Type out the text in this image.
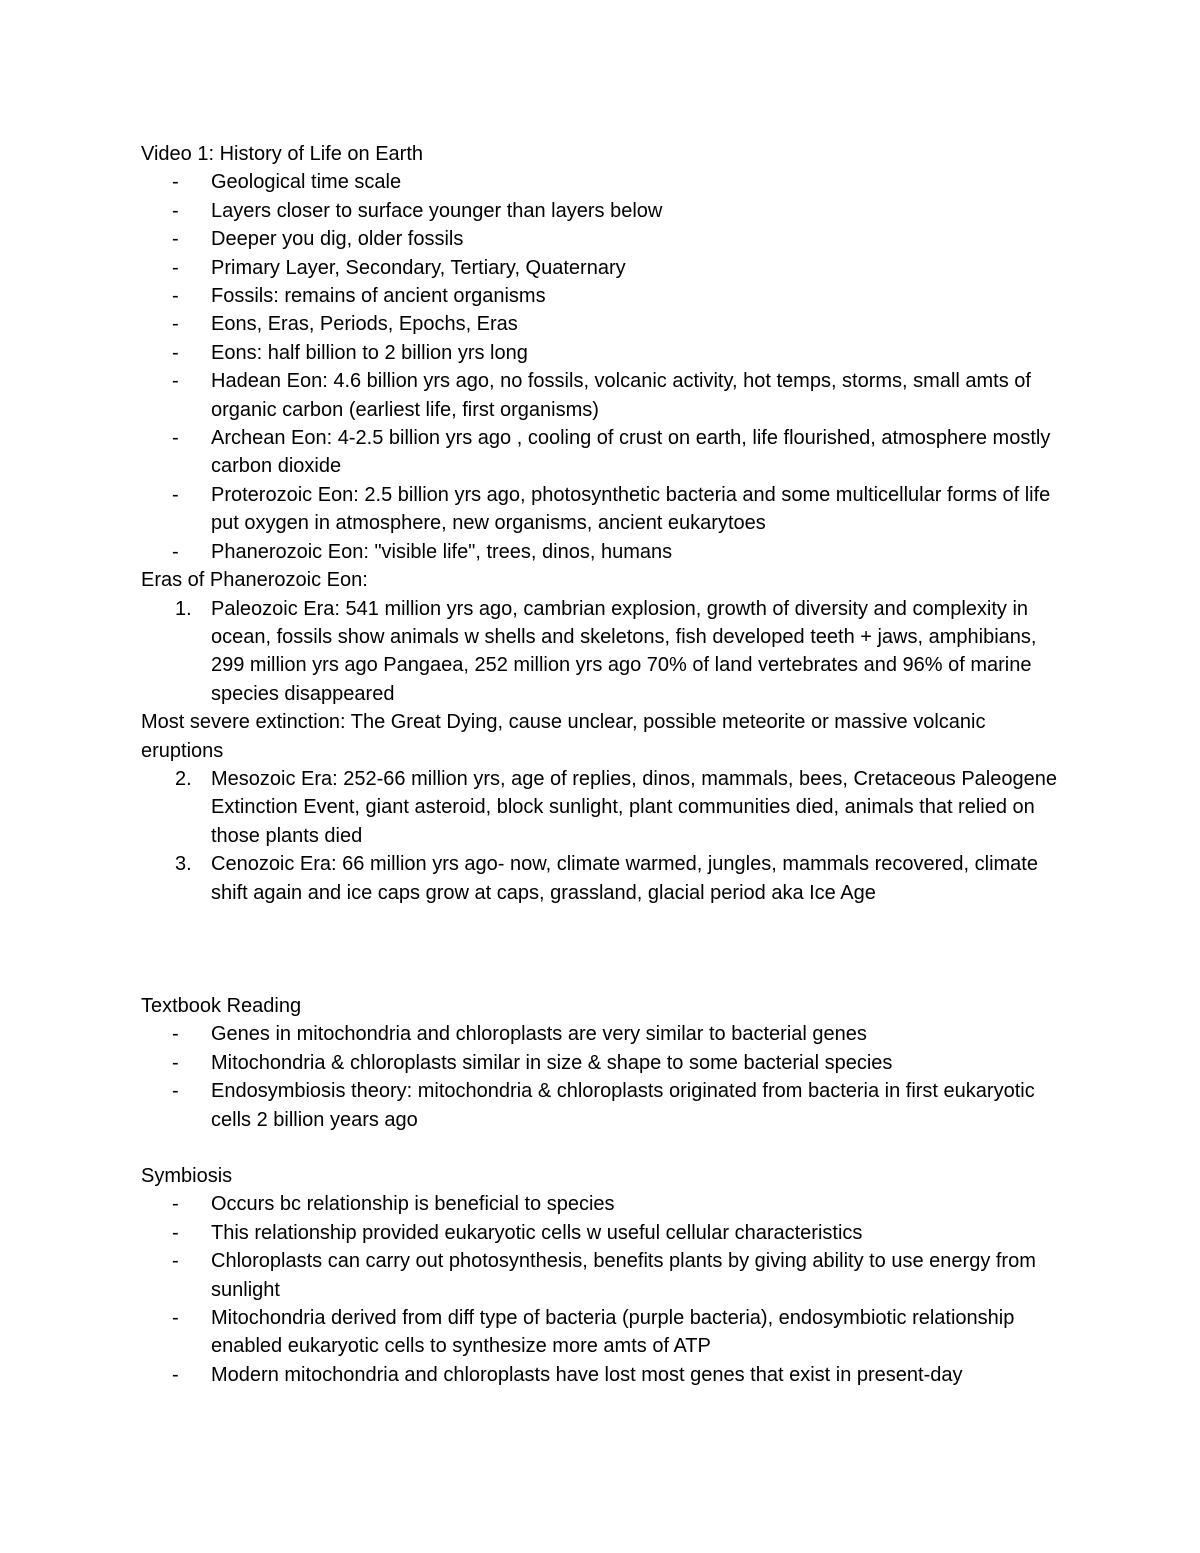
Video 1: History of Life on Earth

- Geological time scale
- Layers closer to surface younger than layers below
- Deeper you dig, older fossils
- Primary Layer, Secondary, Tertiary, Quaternary
- Fossils: remains of ancient organisms
- Eons, Eras, Periods, Epochs, Eras
- Eons: half billion to 2 billion yrs long
- Hadean Eon: 4.6 billion yrs ago, no fossils, volcanic activity, hot temps, storms, small amts of organic carbon (earliest life, first organisms)
- Archean Eon: 4-2.5 billion yrs ago , cooling of crust on earth, life flourished, atmosphere mostly carbon dioxide
- Proterozoic Eon: 2.5 billion yrs ago, photosynthetic bacteria and some multicellular forms of life put oxygen in atmosphere, new organisms, ancient eukarytoes
- Phanerozoic Eon: "visible life", trees, dinos, humans

Eras of Phanerozoic Eon:

1. Paleozoic Era: 541 million yrs ago, cambrian explosion, growth of diversity and complexity in ocean, fossils show animals w shells and skeletons, fish developed teeth + jaws, amphibians, 299 million yrs ago Pangaea, 252 million yrs ago 70% of land vertebrates and 96% of marine species disappeared

Most severe extinction: The Great Dying, cause unclear, possible meteorite or massive volcanic eruptions

2. Mesozoic Era: 252-66 million yrs, age of replies, dinos, mammals, bees, Cretaceous Paleogene Extinction Event, giant asteroid, block sunlight, plant communities died, animals that relied on those plants died
3. Cenozoic Era: 66 million yrs ago- now, climate warmed, jungles, mammals recovered, climate shift again and ice caps grow at caps, grassland, glacial period aka Ice Age

Textbook Reading

- Genes in mitochondria and chloroplasts are very similar to bacterial genes
- Mitochondria & chloroplasts similar in size & shape to some bacterial species
- Endosymbiosis theory: mitochondria & chloroplasts originated from bacteria in first eukaryotic cells 2 billion years ago

Symbiosis

- Occurs bc relationship is beneficial to species
- This relationship provided eukaryotic cells w useful cellular characteristics
- Chloroplasts can carry out photosynthesis, benefits plants by giving ability to use energy from sunlight
- Mitochondria derived from diff type of bacteria (purple bacteria), endosymbiotic relationship enabled eukaryotic cells to synthesize more amts of ATP
- Modern mitochondria and chloroplasts have lost most genes that exist in present-day
